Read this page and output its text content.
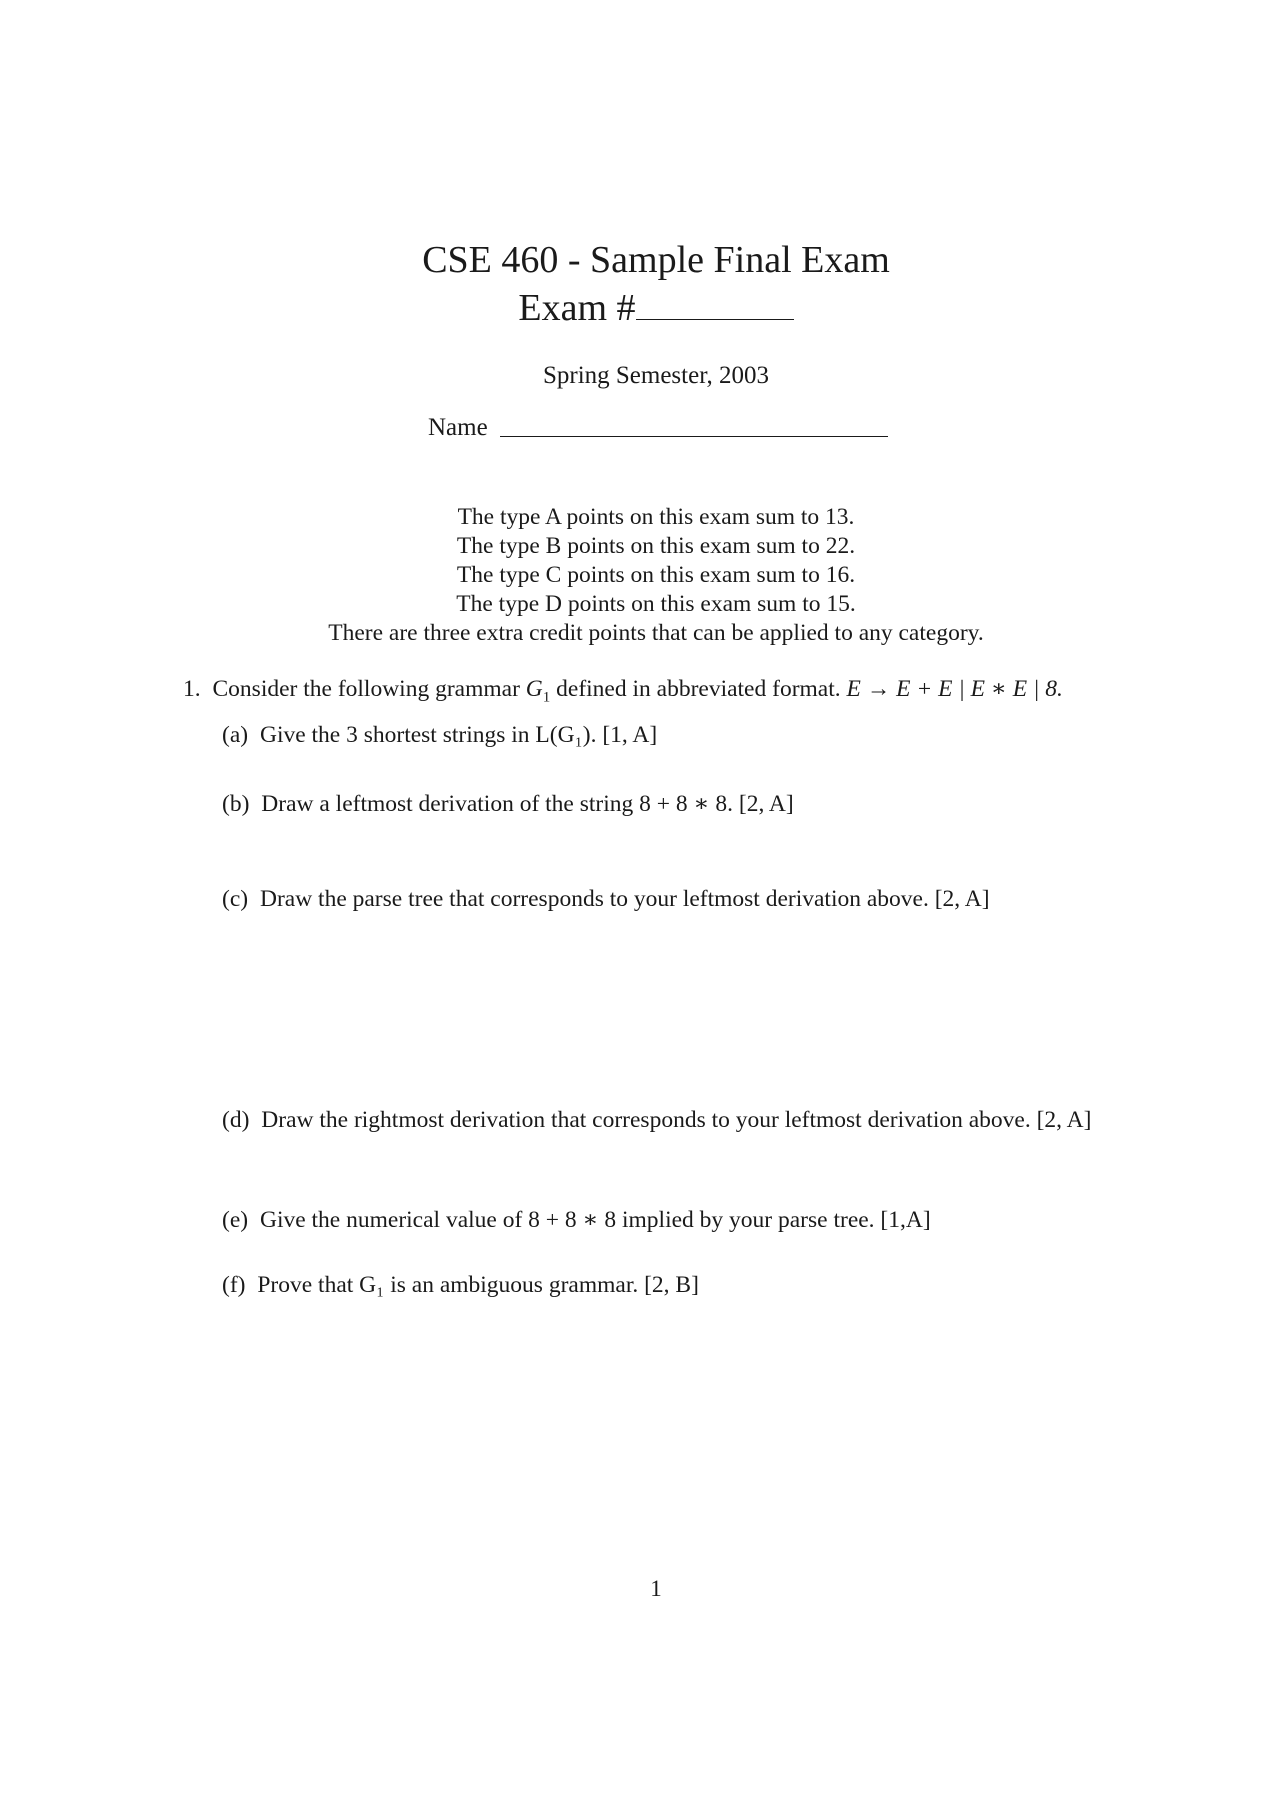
CSE 460 - Sample Final Exam
Exam #
Spring Semester, 2003
Name
The type A points on this exam sum to 13.
The type B points on this exam sum to 22.
The type C points on this exam sum to 16.
The type D points on this exam sum to 15.
There are three extra credit points that can be applied to any category.
1. Consider the following grammar $G_1$ defined in abbreviated format. E → E + E | E ∗ E | 8.
(a) Give the 3 shortest strings in L(G₁). [1, A]
(b) Draw a leftmost derivation of the string 8 + 8 ∗ 8. [2, A]
(c) Draw the parse tree that corresponds to your leftmost derivation above. [2, A]
(d) Draw the rightmost derivation that corresponds to your leftmost derivation above. [2, A]
(e) Give the numerical value of 8 + 8 ∗ 8 implied by your parse tree. [1,A]
(f) Prove that G₁ is an ambiguous grammar. [2, B]
1
